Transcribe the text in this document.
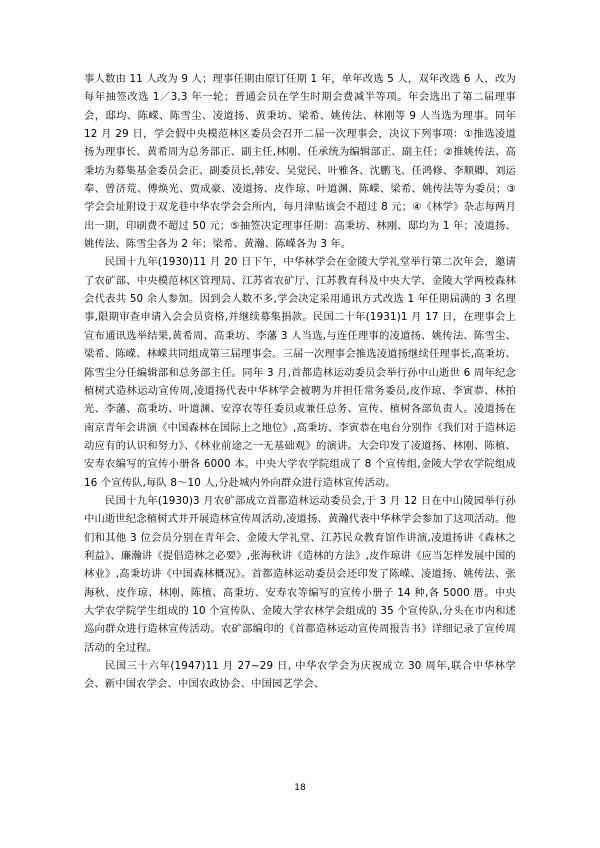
事人数由 11 人改为 9 人；理事任期由原订任期 1 年，单年改选 5 人，双年改选 6 人，改为每年抽签改选 1／3,3 年一轮；普通会员在学生时期会费减半等项。年会选出了第二届理事会，邸均、陈嵘、陈雪尘、凌道扬、黄秉坊、梁希、姚传法、林刚等 9 人当选为理事。同年 12 月 29 日，学会假中央模范林区委员会召开二届一次理事会，决议下列事项：①推选凌道扬为理事长、黄希周为总务部正、副主任,林刚、任承统为编辑部正、副主任；②推姚传法、高秉坊为募集基金委员会正、副委员长,韩安、吴觉民、叶雅各、沈鹏飞、任鸿修、李顺卿、刘运奉、曾济荒、傅焕光、贾成豪、凌道扬、皮作琼、叶道渊、陈嵘、梁希、姚传法等为委员；③学会会址附设于双龙巷中华农学会会所内，每月津贴该会不超过 8 元；④《林学》杂志每两月出一期，印刷费不超过 50 元；⑤抽签决定理事任期：高秉坊、林刚、邸均为 1 年；凌道扬、姚传法、陈雪尘各为 2 年；梁希、黄瀚、陈嵘各为 3 年。

民国十九年(1930)11 月 20 日下午，中华林学会在金陵大学礼堂举行第二次年会，邀请了农矿部、中央模范林区管理局、江苏省农矿厅、江苏教育科及中央大学、金陵大学两校森林会代表共 50 余人参加。因到会人数不多,学会决定采用通讯方式改选 1 年任期届满的 3 名理事,限期审查申请入会会员资格,并继续募集捐款。民国二十年(1931)1 月 17 日，在理事会上宣布通讯选举结果,黄希周、高秉坊、李藩 3 人当选,与连任理事的凌道扬、姚传法、陈雪尘、梁希、陈嵘、林嵘共同组成第三届理事会。三届一次理事会推选凌道扬继续任理事长,高秉坊、陈雪尘分任编辑部和总务部主任。同年 3 月,首都造林运动委员会举行孙中山逝世 6 周年纪念植树式造林运动宣传周,凌道扬代表中华林学会被聘为并担任常务委员,皮作琼、李寅恭、林拍光、李藩、高秉坊、叶道渊、安淳农等任委员或兼任总务、宣传、植树各部负责人。凌道扬在南京青年会讲演《中国森林在国际上之地位》,高秉坊、李寅恭在电台分别作《我们对于造林运动应有的认识和努力》、《林业前途之一无基础观》的演讲。大会印发了凌道扬、林刚、陈植、安寿农编写的宣传小册各 6000 本。中央大学农学院组成了 8 个宣传组,金陵大学农学院组成 16 个宣传队,每队 8～10 人,分赴城内外向群众进行造林宣传活动。

民国十九年(1930)3 月农矿部成立首都造林运动委员会,于 3 月 12 日在中山陵园举行孙中山逝世纪念植树式并开展造林宣传周活动,凌道扬、黄瀚代表中华林学会参加了这项活动。他们和其他 3 位会员分别在青年会、金陵大学礼堂、江苏民众教育馆作讲演,凌道扬讲《森林之利益》、廉瀚讲《提倡造林之必要》,张海秋讲《造林的方法》,皮作琼讲《应当怎样发展中国的林业》,高秉坊讲《中国森林概况》。首都造林运动委员会还印发了陈嵘、凌道扬、姚传法、张海秋、皮作琼、林刚、陈植、高秉坊、安寿农等编写的宣传小册子 14 种,各 5000 厝。中央大学农学院学生组成的 10 个宣传队、金陵大学农林学会组成的 35 个宣传队,分头在市内和述巡向群众进行造林宣传活动。农矿部编印的《首都造林运动宣传周报告书》详细记录了宣传周活动的全过程。

民国三十六年(1947)11 月 27~29 日, 中华农学会为庆祝成立 30 周年,联合中华林学会、新中国农学会、中国农政协会、中国园艺学会、

18
